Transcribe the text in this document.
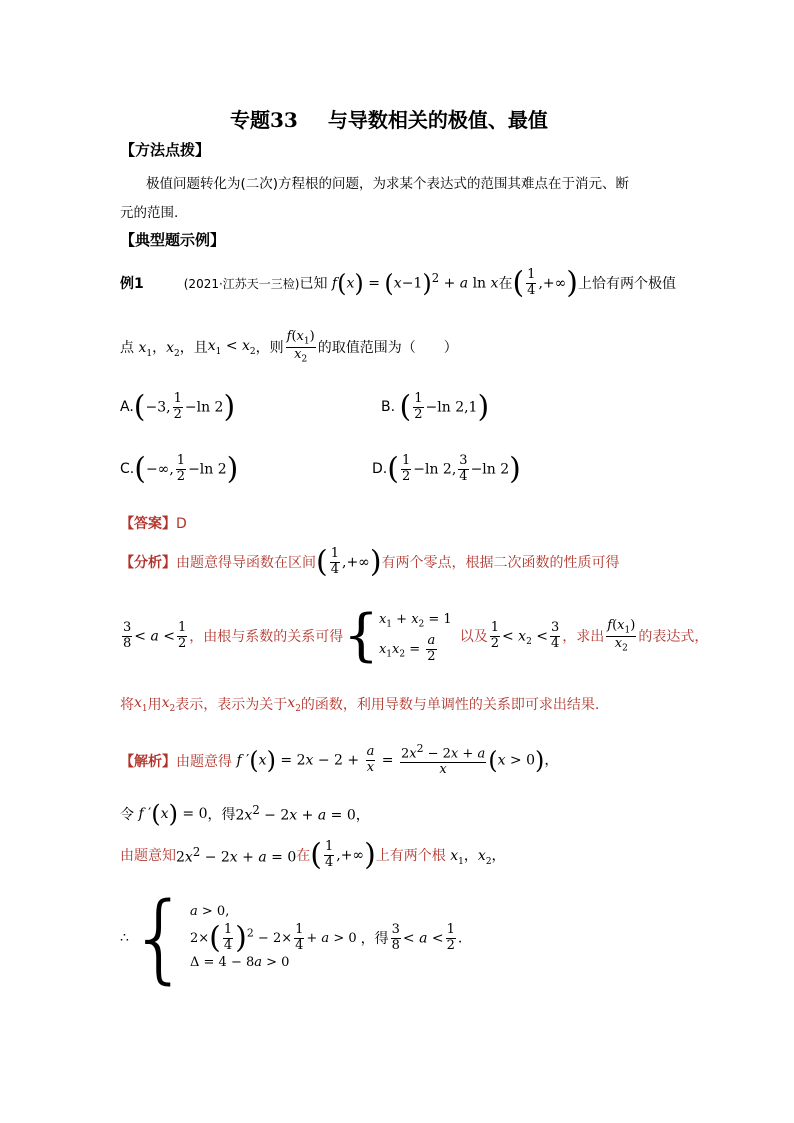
专题33 与导数相关的极值、最值
【方法点拨】
极值问题转化为(二次)方程根的问题，为求某个表达式的范围其难点在于消元、断
元的范围.
【典型题示例】
例1	(2021·江苏天一三检) 已知 $f(x) = (x-1)^2 + a$ ln x 在 ( $\frac{1}{4}$ ,+∞) 上恰有两个极值
点 $x_1$，$x_2$ ，且 $x_1 < x_2$ ，则 $\frac{f(x_1)}{x_2}$ 的取值范围为（　　）
A. (−3, $\frac{1}{2} -\ln$ 2)	B. ( $\frac{1}{2} -\ln$ 2,1)
C. (−∞, $\frac{1}{2} -\ln$ 2)	D. ( $\frac{1}{2} -\ln$ 2, $\frac{3}{4} -\ln$ 2)
【答案】D
【分析】 由题意得导函数在区间 ( $\frac{1}{4}$ ,+∞) 有两个零点，根据二次函数的性质可得
$\frac{3}{8} < a < \frac{1}{2}$ ，由根与系数的关系可得 { $x_1 + x_2 = 1$
$x_1x_2 = \frac{a}{2}$ 以及 $\frac{1}{2} < x_2 < \frac{3}{4}$ ，求出 $\frac{f(x_1)}{x_2}$ 的表达式，
将 $x_1$ 用 $x_2$ 表示，表示为关于 $x_2$ 的函数，利用导数与单调性的关系即可求出结果.
【解析】 由题意得 f $'(x) = 2x - 2 + \frac{a}{x} = \frac{2x^2 - 2x + a}{x} (x > 0)$，
令 f ′(x) = 0 ，得 $2x^2 - 2x + a = 0$，
由题意知 $2x^2 - 2x + a = 0$ 在 ( $\frac{1}{4}$ ,+∞) 上有两个根 $x_1$，$x_2$，
∴ { a > 0,
$2\times( \frac{1}{4} )^2 - 2\times \frac{1}{4} + a > 0$
Δ = 4 − 8a > 0
，得 $\frac{3}{8} < a < \frac{1}{2}$ .
